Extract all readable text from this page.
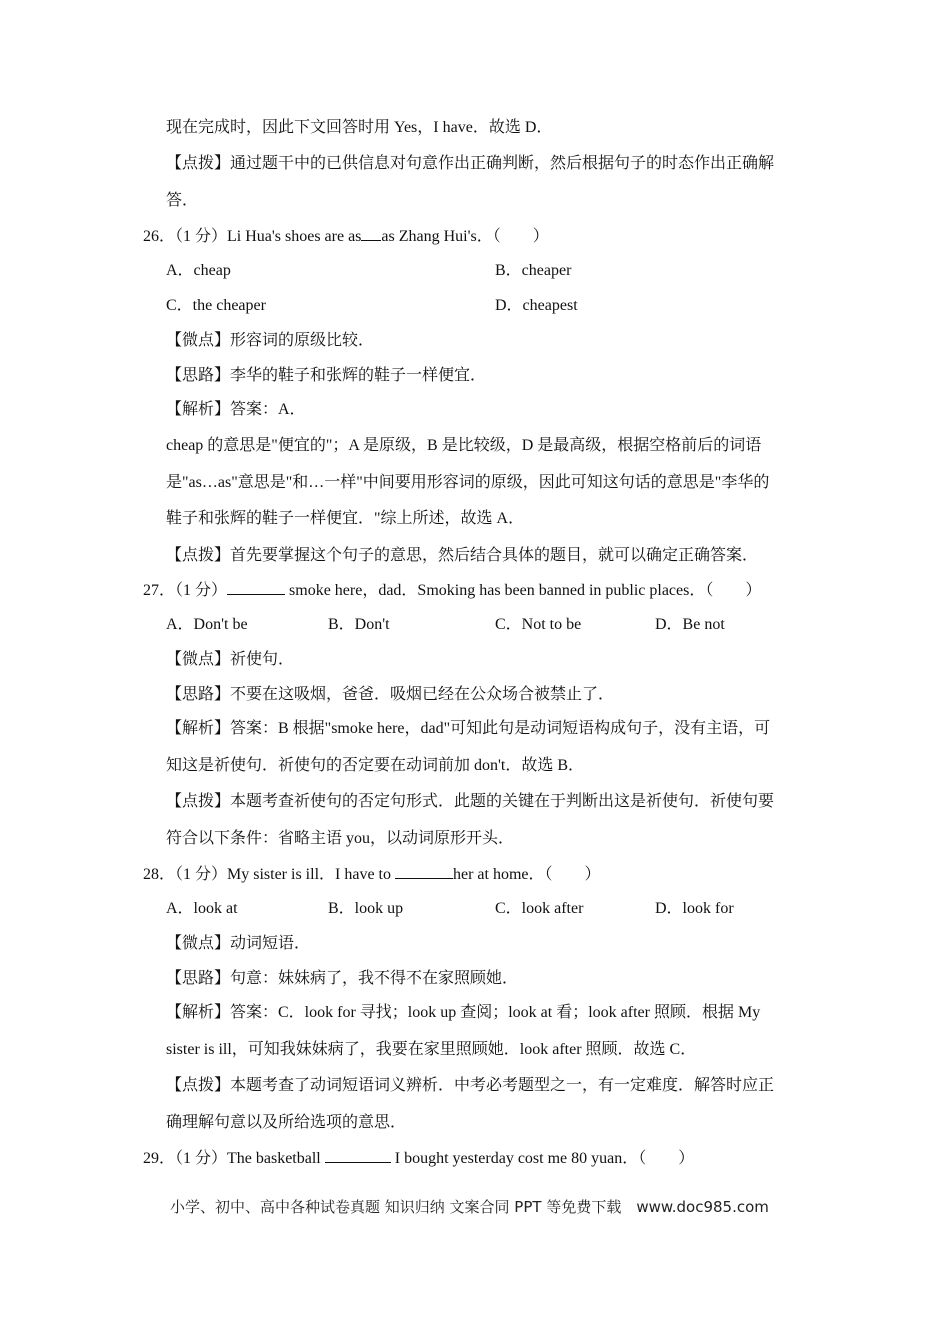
现在完成时，因此下文回答时用 Yes，I have．故选 D．
【点拨】通过题干中的已供信息对句意作出正确判断，然后根据句子的时态作出正确解
答．
26．（1 分）Li Hua's shoes are as as Zhang Hui's．（　　）
A．cheap	B．cheaper
C．the cheaper	D．cheapest
【微点】形容词的原级比较．
【思路】李华的鞋子和张辉的鞋子一样便宜．
【解析】答案：A．
cheap 的意思是"便宜的"；A 是原级，B 是比较级，D 是最高级，根据空格前后的词语
是"as…as"意思是"和…一样"中间要用形容词的原级，因此可知这句话的意思是"李华的
鞋子和张辉的鞋子一样便宜．"综上所述，故选 A．
【点拨】首先要掌握这个句子的意思，然后结合具体的题目，就可以确定正确答案．
27．（1 分）	smoke here，dad．Smoking has been banned in public places．（　　）
A．Don't be	B．Don't	C．Not to be	D．Be not
【微点】祈使句．
【思路】不要在这吸烟，爸爸．吸烟已经在公众场合被禁止了．
【解析】答案：B 根据"smoke here，dad"可知此句是动词短语构成句子，没有主语，可
知这是祈使句．祈使句的否定要在动词前加 don't．故选 B．
【点拨】本题考查祈使句的否定句形式．此题的关键在于判断出这是祈使句．祈使句要
符合以下条件：省略主语 you，以动词原形开头．
28．（1 分）My sister is ill．I have to	her at home．（　　）
A．look at	B．look up	C．look after	D．look for
【微点】动词短语．
【思路】句意：妹妹病了，我不得不在家照顾她．
【解析】答案：C．look for 寻找；look up 查阅；look at 看；look after 照顾．根据 My
sister is ill，可知我妹妹病了，我要在家里照顾她．look after 照顾．故选 C．
【点拨】本题考查了动词短语词义辨析．中考必考题型之一，有一定难度．解答时应正
确理解句意以及所给选项的意思．
29．（1 分）The basketball	I bought yesterday cost me 80 yuan．（　　）
小学、初中、高中各种试卷真题 知识归纳 文案合同 PPT 等免费下载　www.doc985.com
